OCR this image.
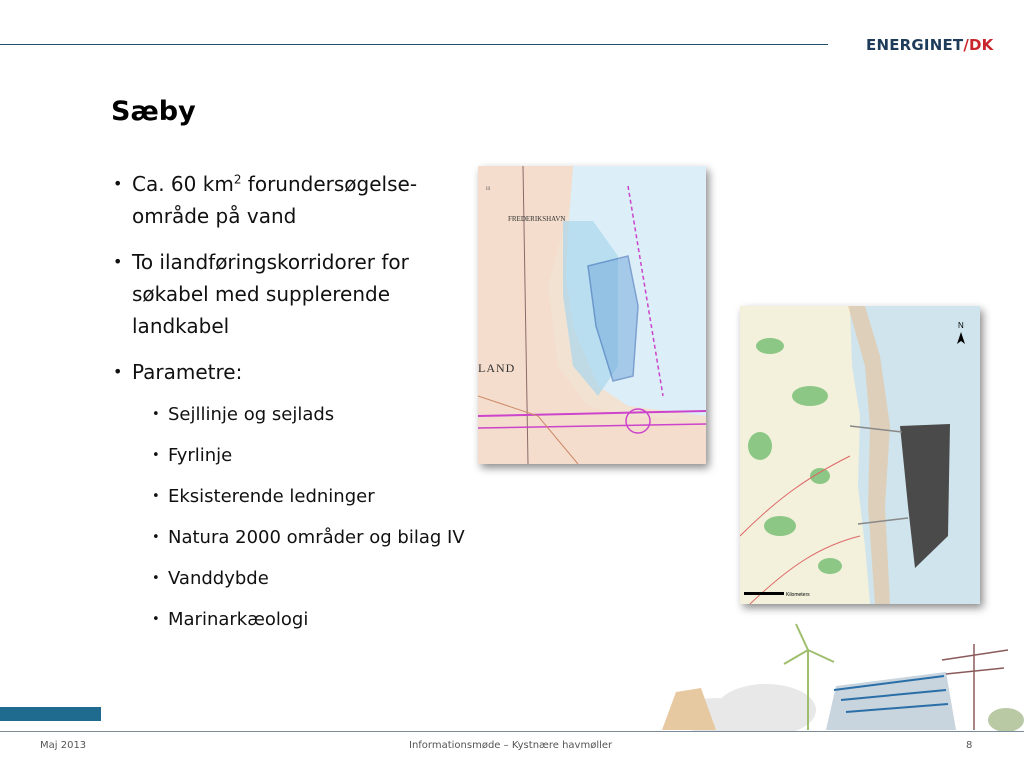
ENERGINET/DK
Sæby
• Ca. 60 $km^2$ forundersøgelse-område på vand
• To ilandføringskorridorer for søkabel med supplerende landkabel
• Parametre:
• Sejllinje og sejlads
• Fyrlinje
• Eksisterende ledninger
• Natura 2000 områder og bilag IV
• Vanddybde
• Marinarkæologi
lll
FREDERIKSHAVN
LAND
N
Kilometers
Maj 2013	Informationsmøde – Kystnære havmøller	8
